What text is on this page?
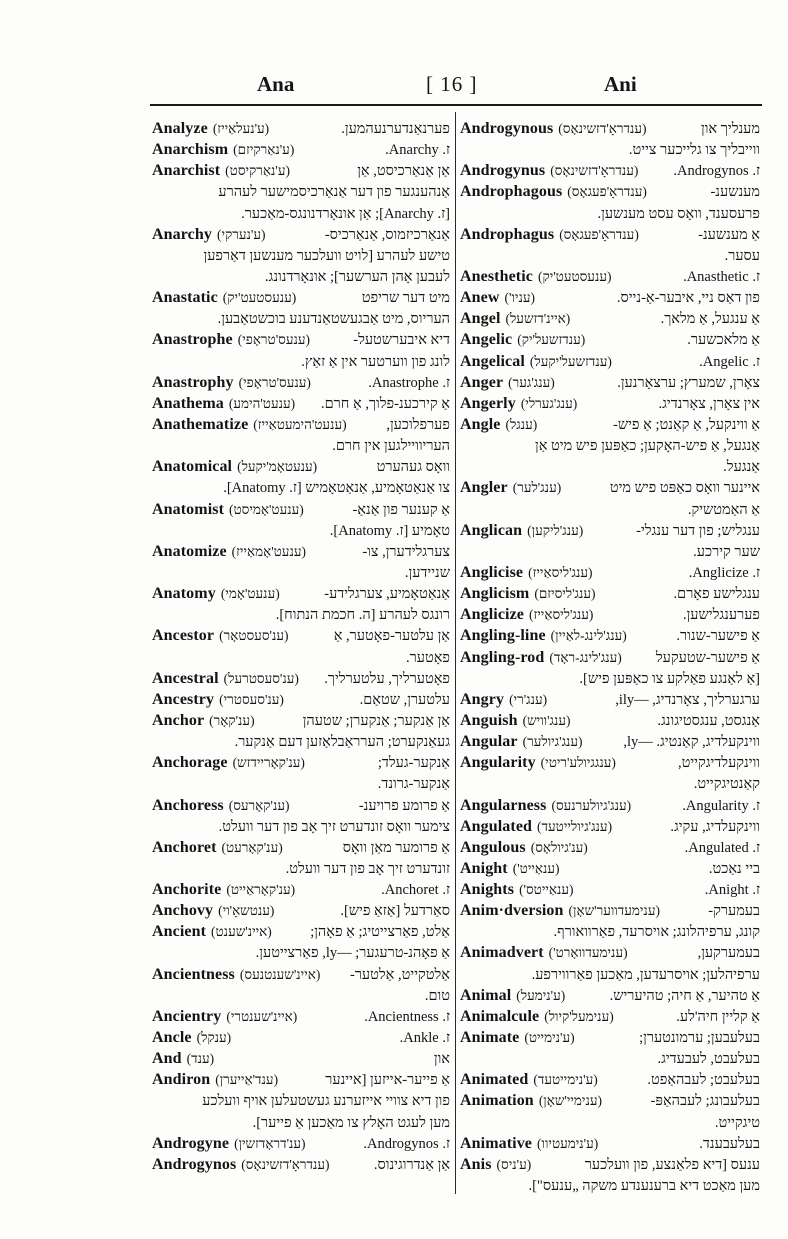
Ana	[ 16 ]	Ani
Analyze (ע'נעלאַייז)	פערנאַנדערנעהמען.
Anarchism (ע'נאַרקיזם)	ז. Anarchy.
Anarchist (ע'נאַרקיסט)	אַן אַנאַרכיסט, אַן
אַנהענגער פון דער אַנאַרכיסמישער לעהרע
[ז. Anarchy]; אַן אונאָרדנונגס-מאַכער.
Anarchy (ע'נערקי)	אַנאַרכיזמוס, אַנאַרכיס-
טישע לעהרע [לויט וועלכער מענשען דאַרפען
לעבען אָהן הערשער]; אונאָרדנונג.
Anastatic (ענעסטעט'יק)	מיט דער שריפט
העריוס, מיט אַבגעשטאַנדענע בוכשטאַבען.
Anastrophe (ענעס'טראָפי)	דיא איבערשטעל-
לונג פון ווערטער אין אַ זאַץ.
Anastrophy (ענעס'טראָפי)	ז. Anastrophe.
Anathema (ענעט'הימע) אַ קירכענ-פלוך, אַ חרם.
Anathematize (ענעט'הימעטאַייז)	פערפלוכען,
העריוויילגען אין חרם.
Anatomical (ענעטאָמ'יקעל)	וואָס געהערט
צו אַנאַטאָמיע, אַנאַטאָמיש [ז. Anatomy].
Anatomist (ענעט'אָמיסט)	אַ קענער פון אַנאַ-
טאָמיע [ז. Anatomy].
Anatomize (ענעט'אָמאַייז)	צערגלידערן, צו-
שניידען.
Anatomy (ענעט'אָמי)	אַנאַטאָמיע, צערגלידע-
רונגס לעהרע [ה. חכמת הנתוח].
Ancestor (ענ'סעסטאָר)	אַן עלטער-פאָטער, אַ
פאָטער.
Ancestral (ענ'סעסטרעל) פאָטערליך, עלטערליך.
Ancestry (ענ'סעסטרי)	עלטערן, שטאַם.
Anchor (ענ'קאָר)	אַן אַנקער; אַנקערן; שטעהן
געאַנקערט; הערראַבלאַזען דעם אַנקער.
Anchorage (ענ'קאָריידזש)	אַנקער-געלד;
אַנקער-גרונד.
Anchoress (ענ'קאָרעס)	אַ פרומע פרויענ-
צימער וואָס זונדערט זיך אָב פון דער וועלט.
Anchoret (ענ'קאָרעט)	אַ פרומער מאַן וואָס
זונדערט זיך אָב פון דער וועלט.
Anchorite (ענ'קאָראַייט)	ז. Anchoret.
Anchovy (ענטשאָ'וי)	סאַרדעל [אַזאַ פיש].
Ancient (איינ'שענט)	אַלט, פאַרצייטיג; אַ פאָהן;
אַ פאָהנ-טרעגער; —ly, פאַרצייטען.
Ancientness (איינ'שענטנעס) אַלטקייט, אַלטער-
טום.
Ancientry (איינ'שענטרי)	ז. Ancientness.
Ancle (ענקל)	ז. Ankle.
And (ענד)	און
Andiron (ענד'אַייערן)	אַ פייער-אייזען [איינער
פון דיא צוויי אייזערנע געשטעלען אויף וועלכע
מען לעגט האָלץ צו מאַכען אַ פייער].
Androgyne (ענ'דראָדזשין)	ז. Androgynos.
Androgynos (ענדראָ'דזשינאָס)	אַן אַנדרוגינוס.
Androgynous (ענדראָ'דזשינאָס)	מענליך און
ווייבליך צו גלייכער צייט.
Androgynus (ענדראָ'דזשינאָס) ז. Androgynos.
Androphagous (ענדראָ'פעגאָס)	מענשענ-
פרעסענד, וואָס עסט מענשען.
Androphagus (ענדראָ'פעגאָס)	אַ מענשענ-
עסער.
Anesthetic (ענעסטעט'יק)	ז. Anasthetic.
Anew (עניו')	פון דאַס ניי, איבער-אַ-נייס.
Angel (איינ'דזשעל)	אַ ענגעל, אַ מלאך.
Angelic (ענדזשעל'יק)	אַ מלאכשער.
Angelical (ענדזשעל'יקעל)	ז. Angelic.
Anger (ענג'גער)	צאָרן, שמערץ; ערצאָרנען.
Angerly (ענג'גערלי)	אין צאָרן, צאָרנדיג.
Angle (ענגל)	אַ ווינקעל, אַ קאַנט; אַ פיש-
אַנגעל, אַ פיש-האָקען; כאַפּען פיש מיט אַן
אַנגעל.
Angler (ענג'לער)	איינער וואָס כאַפּט פיש מיט
אַ האַמטשיק.
Anglican (ענג'ליקען)	ענגליש; פון דער ענגלי-
שער קירכע.
Anglicise (ענג'ליסאַייז)	ז. Anglicize.
Anglicism (ענג'ליסיזם)	ענגלישע פאָרם.
Anglicize (ענג'ליסאַייז)	פערענגלישען.
Angling-line (ענג'לינג-לאַיין)	אַ פישער-שנור.
Angling-rod (ענג'לינג-ראָד) אַ פישער-שטעקעל
[אַ לאַנגע פאַלקע צו כאַפּען פיש].
Angry (ענג'רי)	ערגערליך, צאָרנדיג, —ily,
Anguish (ענג'וויש)	אַנגסט, ענגסטיגונג.
Angular (ענג'גיולער)	ווינקעלדיג, קאַנטיג. —ly,
Angularity (ענגגיולע'ריטי)	ווינקעלדיגקייט,
קאַנטיגקייט.
Angularness (ענג'גיולערנעס)	ז. Angularity.
Angulated (ענג'גיולייטעד)	ווינקעלדיג, עקיג.
Angulous (ענ'גיולאָס)	ז. Angulated.
Anight (ענאַייט')	ביי נאַכט.
Anights (ענאַייטס')	ז. Anight.
Anim·dversion (ענימעדווער'שאָן)	בעמערק-
קונג, ערפיהלונג; אויסרעד, פאַרוואורף.
Animadvert (ענימעדוואָרט')	בעמערקען,
ערפיהלען; אויסרעדען, מאַכען פאַרווירפע.
Animal (ע'נימעל)	אַ טהיער, אַ חיה; טהיעריש.
Animalcule (ענימעל'קיול)	אַ קליין חיה'לע.
Animate (ע'נימייט)	בעלעבען; ערמונטערן;
בעלעבט, לעבעדיג.
Animated (ע'נימייטעד)	בעלעבט; לעבהאַפט.
Animation (ענימיי'שאָן)	בעלעבונג; לעבהאַפּ-
טיגקייט.
Animative (ע'נימעטיוו)	בעלעבענד.
Anis (ע'ניס)	ענעס [דיא פלאַנצע, פון וועלכער
מען מאַכט דיא ברענענדע משקה „ענעס"].
